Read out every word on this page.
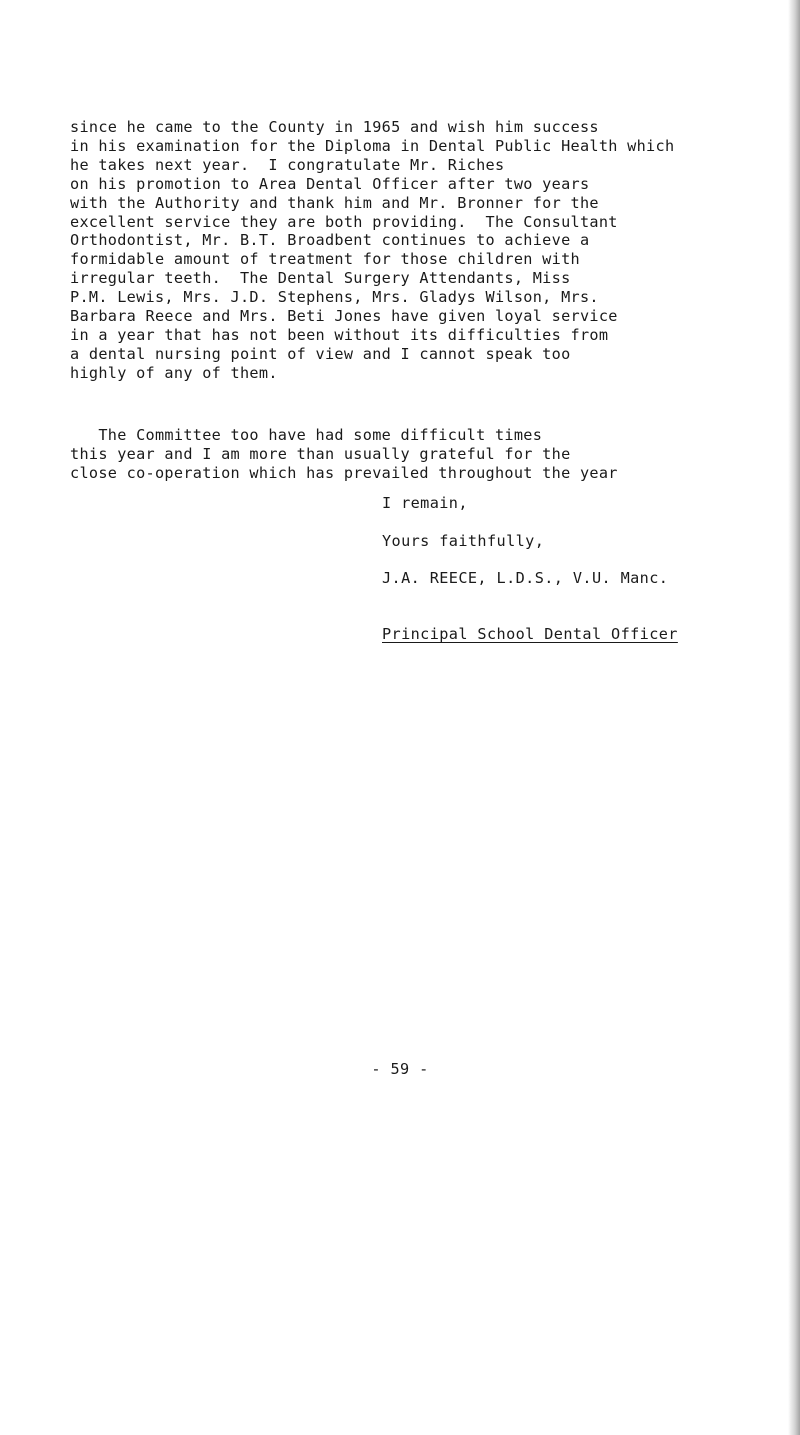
since he came to the County in 1965 and wish him success
in his examination for the Diploma in Dental Public Health which
he takes next year.  I congratulate Mr. Riches
on his promotion to Area Dental Officer after two years
with the Authority and thank him and Mr. Bronner for the
excellent service they are both providing.  The Consultant
Orthodontist, Mr. B.T. Broadbent continues to achieve a
formidable amount of treatment for those children with
irregular teeth.  The Dental Surgery Attendants, Miss
P.M. Lewis, Mrs. J.D. Stephens, Mrs. Gladys Wilson, Mrs.
Barbara Reece and Mrs. Beti Jones have given loyal service
in a year that has not been without its difficulties from
a dental nursing point of view and I cannot speak too
highly of any of them.
The Committee too have had some difficult times
this year and I am more than usually grateful for the
close co-operation which has prevailed throughout the year
I remain,
Yours faithfully,
J.A. REECE, L.D.S., V.U. Manc.
Principal School Dental Officer
- 59 -
